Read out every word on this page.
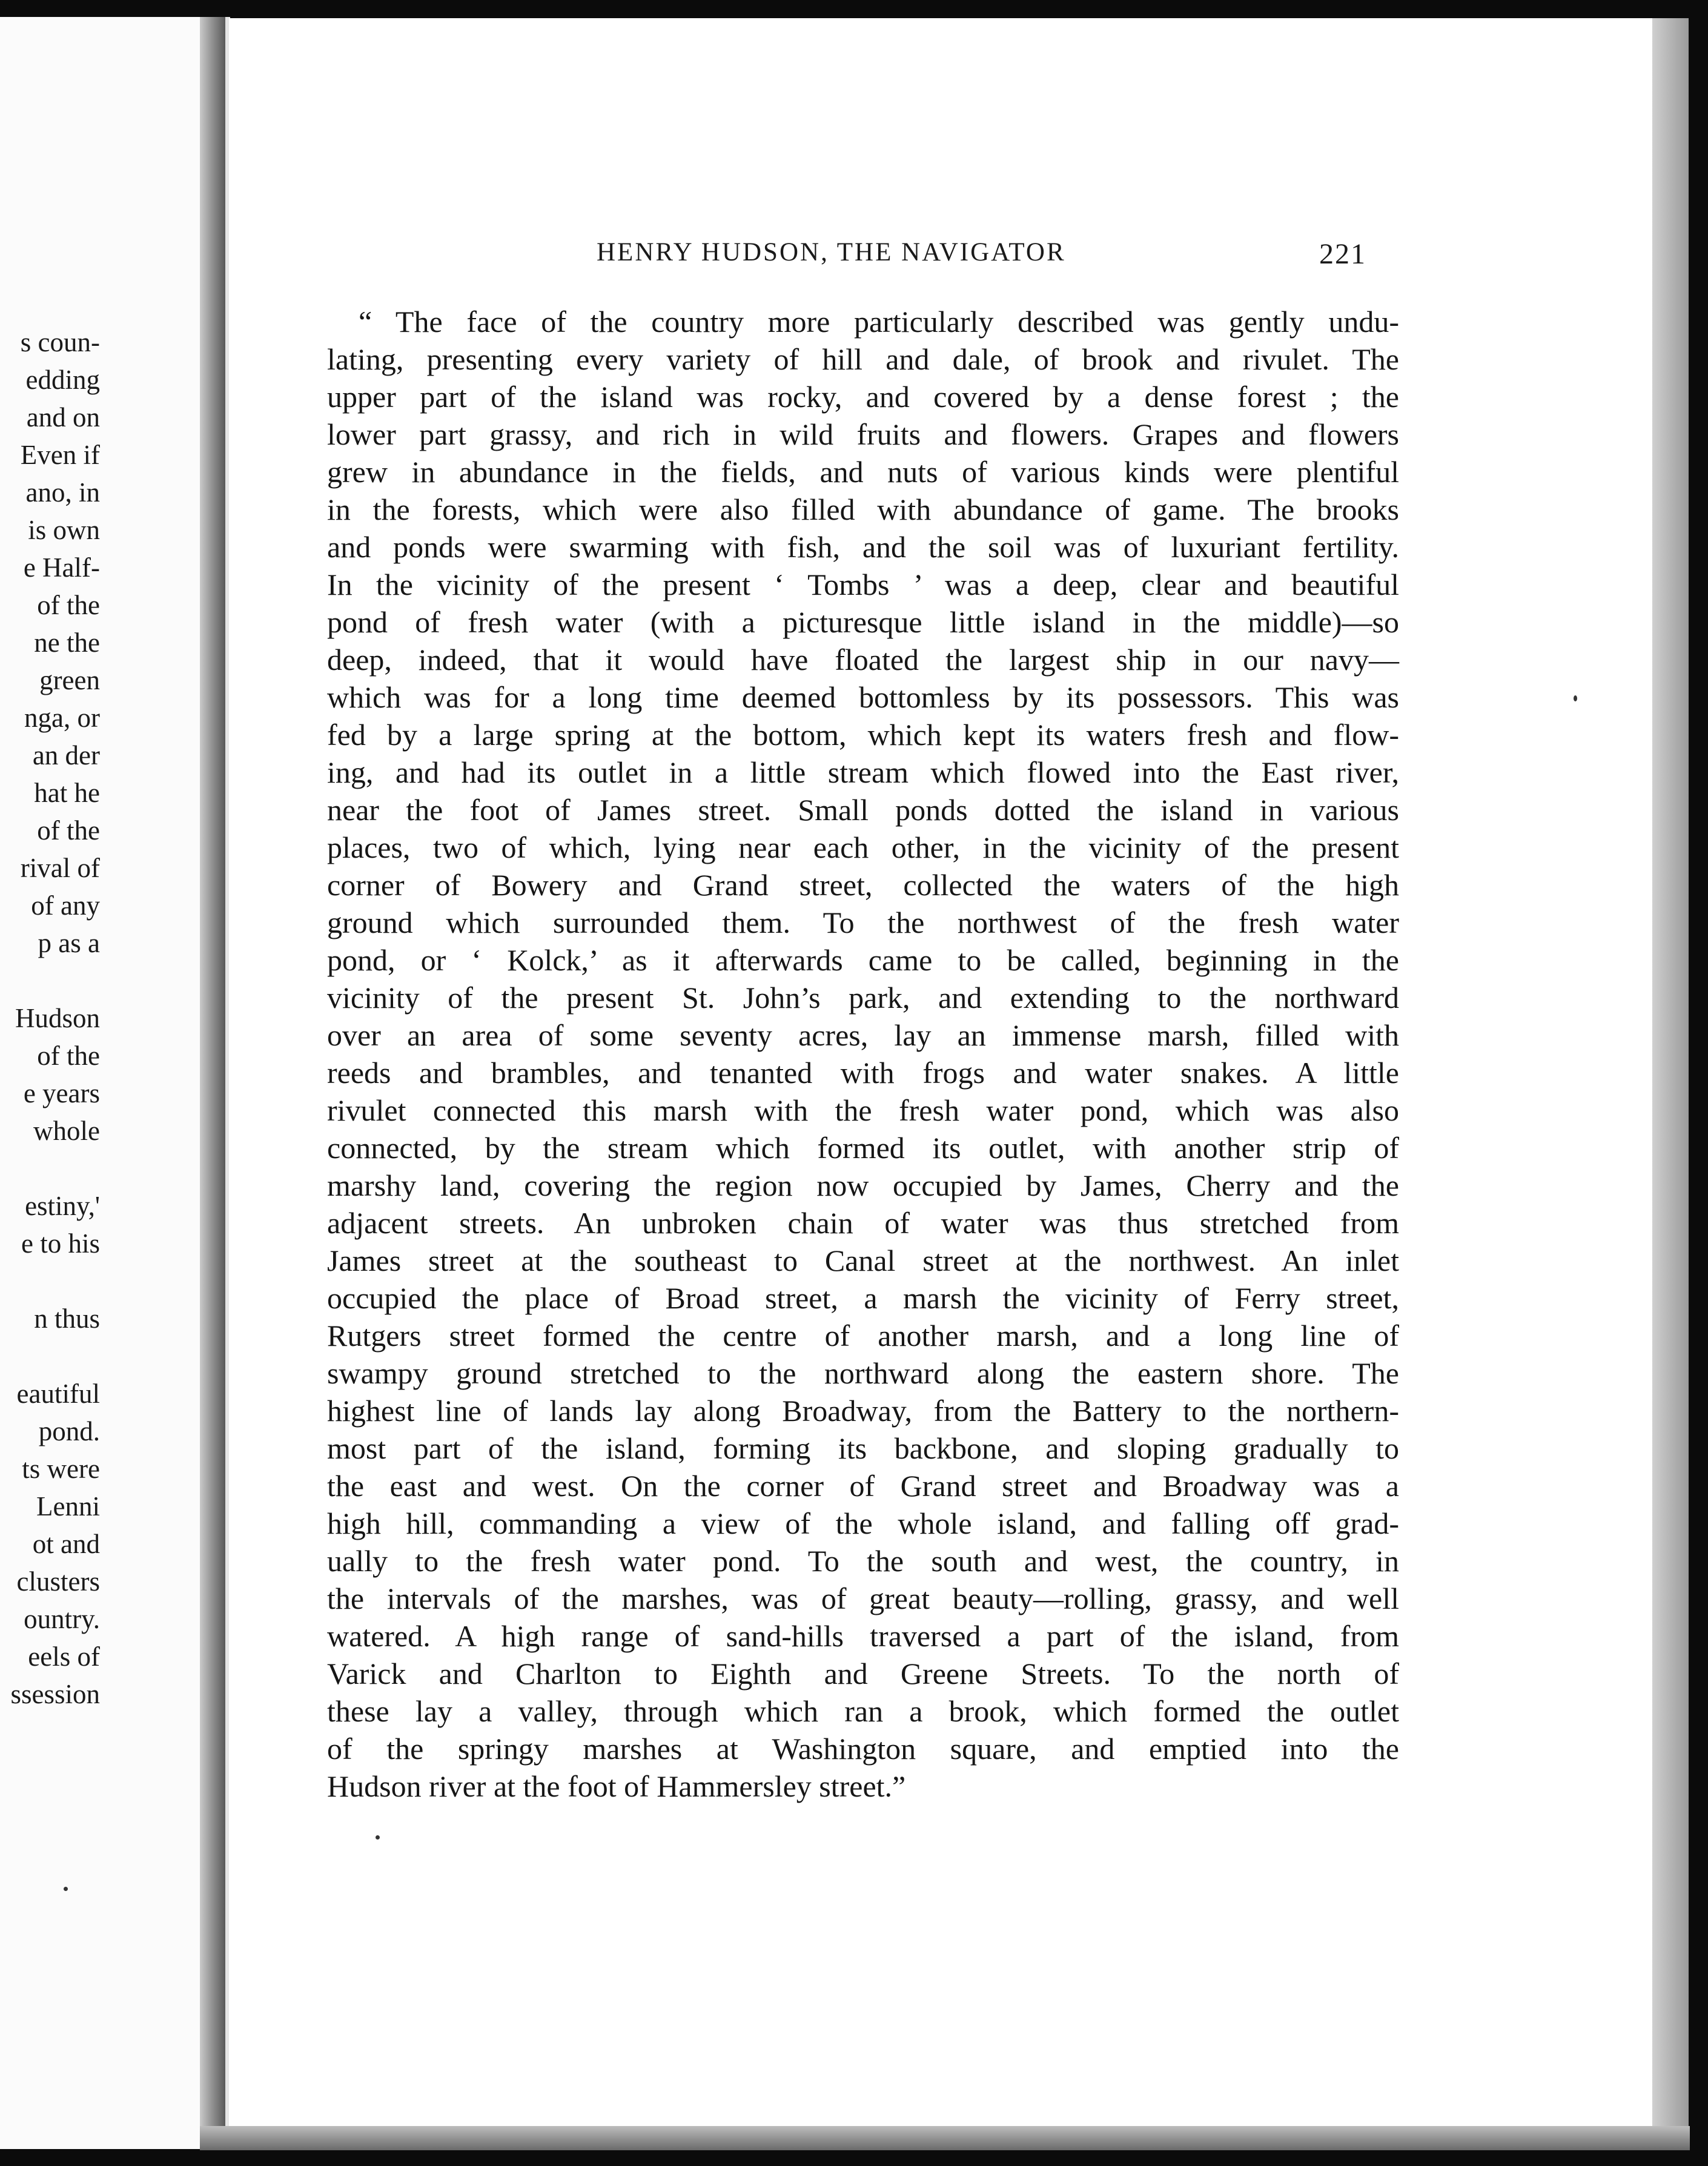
s coun-
edding
and on
Even if
ano, in
is own
e Half-
of the
ne the
green
nga, or
an der
hat he
of the
rival of
of any
p as a
Hudson
of the
e years
whole
estiny,'
e to his
n thus
eautiful
pond.
ts were
Lenni
ot and
clusters
ountry.
eels of
ssession
HENRY HUDSON, THE NAVIGATOR	221
“ The face of the country more particularly described was gently undu-
lating, presenting every variety of hill and dale, of brook and rivulet. The
upper part of the island was rocky, and covered by a dense forest ; the
lower part grassy, and rich in wild fruits and flowers. Grapes and flowers
grew in abundance in the fields, and nuts of various kinds were plentiful
in the forests, which were also filled with abundance of game. The brooks
and ponds were swarming with fish, and the soil was of luxuriant fertility.
In the vicinity of the present ‘ Tombs ’ was a deep, clear and beautiful
pond of fresh water (with a picturesque little island in the middle)—so
deep, indeed, that it would have floated the largest ship in our navy—
which was for a long time deemed bottomless by its possessors. This was
fed by a large spring at the bottom, which kept its waters fresh and flow-
ing, and had its outlet in a little stream which flowed into the East river,
near the foot of James street. Small ponds dotted the island in various
places, two of which, lying near each other, in the vicinity of the present
corner of Bowery and Grand street, collected the waters of the high
ground which surrounded them. To the northwest of the fresh water
pond, or ‘ Kolck,’ as it afterwards came to be called, beginning in the
vicinity of the present St. John’s park, and extending to the northward
over an area of some seventy acres, lay an immense marsh, filled with
reeds and brambles, and tenanted with frogs and water snakes. A little
rivulet connected this marsh with the fresh water pond, which was also
connected, by the stream which formed its outlet, with another strip of
marshy land, covering the region now occupied by James, Cherry and the
adjacent streets. An unbroken chain of water was thus stretched from
James street at the southeast to Canal street at the northwest. An inlet
occupied the place of Broad street, a marsh the vicinity of Ferry street,
Rutgers street formed the centre of another marsh, and a long line of
swampy ground stretched to the northward along the eastern shore. The
highest line of lands lay along Broadway, from the Battery to the northern-
most part of the island, forming its backbone, and sloping gradually to
the east and west. On the corner of Grand street and Broadway was a
high hill, commanding a view of the whole island, and falling off grad-
ually to the fresh water pond. To the south and west, the country, in
the intervals of the marshes, was of great beauty—rolling, grassy, and well
watered. A high range of sand-hills traversed a part of the island, from
Varick and Charlton to Eighth and Greene Streets. To the north of
these lay a valley, through which ran a brook, which formed the outlet
of the springy marshes at Washington square, and emptied into the
Hudson river at the foot of Hammersley street.”
